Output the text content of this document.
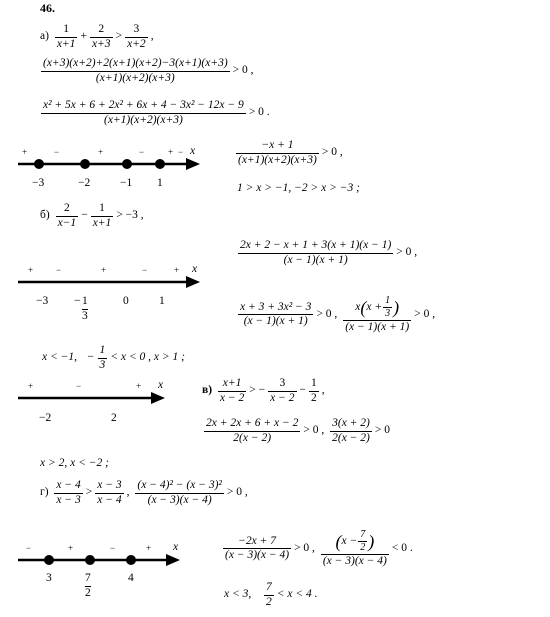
46.
$а) \frac{1}{x+1} + \frac{2}{x+3} > \frac{3}{x+2}$ ,
$\frac{(x+3)(x+2)+2(x+1)(x+2)-3(x+1)(x+3)}{(x+1)(x+2)(x+3)} > 0$ ,
$\frac{\text{x² + 5x + 6 + 2x² + 6x + 4 − 3x² − 12x − 9}}{(x+1)(x+2)(x+3)} > 0$ .
+	−	+	−	+ − x
−3	−2	−1 1
$\frac{-x + 1}{(x+1)(x+2)(x+3)} > 0$ ,
1 > x > −1, −2 > x > −3 ;
$б) \frac{2}{x-1} - \frac{1}{x+1} > -3$ ,
$\frac{2x + 2 - x + 1 + 3(x + 1)(x - 1)}{(x - 1)(x + 1)} > 0$ ,
+	−	+	−	+ x
−3	0	1
− $\frac{1}{3}$	$\frac{\text{x + 3 + 3x² − 3}}{(x - 1)(x + 1)} > 0$ , $\frac{x(x + \frac{1}{3} )}{(x - 1)(x + 1)} > 0$ ,
x < −1,  − $\frac{1}{3} < x < 0$ , x > 1 ;
+	−	+ x
−2	2
$в) \frac{x+1}{x - 2}$ > − $\frac{3}{x - 2} - \frac{1}{2}$ ,
$\frac{2x + 2x + 6 + x - 2}{2(x - 2)} > 0$ , $\frac{3(x + 2)}{2(x - 2)} > 0$
x > 2, x < −2 ;
$г) \frac{x - 4}{x - 3} > \frac{x - 3}{x - 4}$ , $\frac{\text{(x − 4)² − (x − 3)²}}{(x - 3)(x - 4)} > 0$ ,
−	+	−	+ x
3	4
$\frac{7}{2}$
$\frac{-2x + 7}{(x - 3)(x - 4)} > 0$ , $\frac{(x - \frac{7}{2} )}{(x - 3)(x - 4)} < 0$ .
x < 3, $\frac{7}{2} < x < 4$ .
